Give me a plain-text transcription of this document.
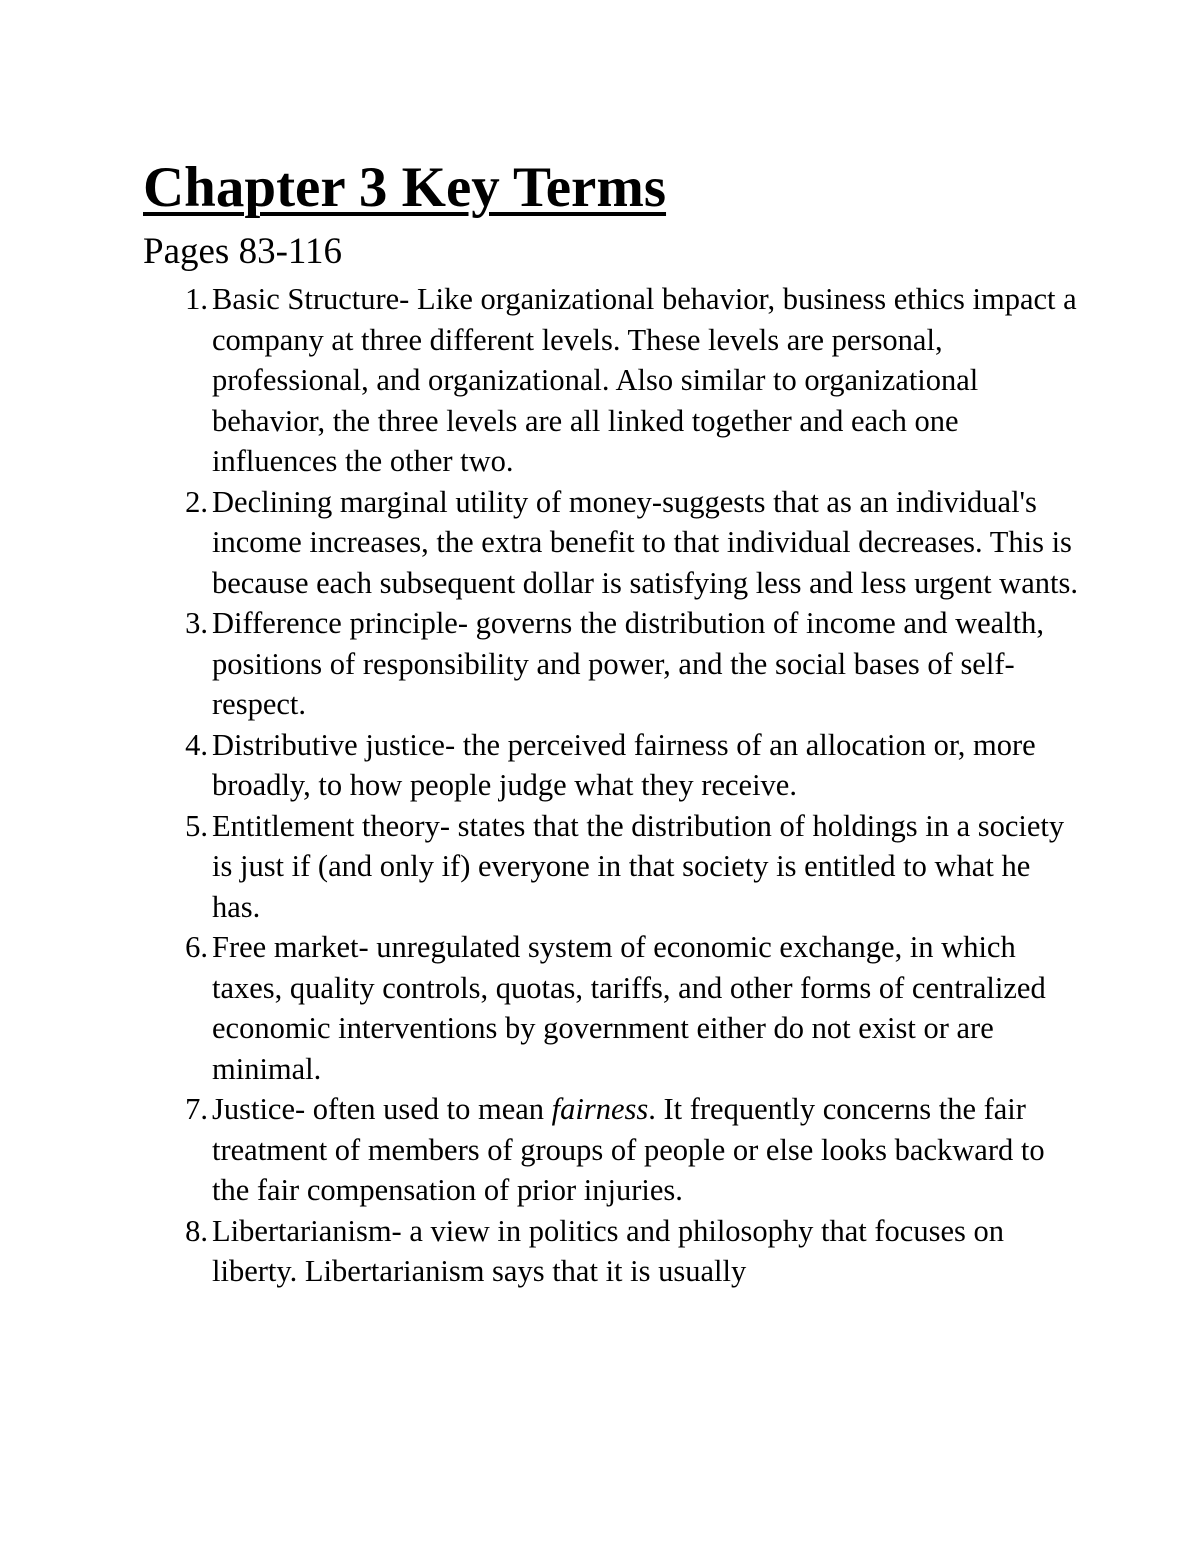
Chapter 3 Key Terms
Pages 83-116
1. Basic Structure- Like organizational behavior, business ethics impact a company at three different levels. These levels are personal, professional, and organizational. Also similar to organizational behavior, the three levels are all linked together and each one influences the other two.
2. Declining marginal utility of money-suggests that as an individual's income increases, the extra benefit to that individual decreases. This is because each subsequent dollar is satisfying less and less urgent wants.
3. Difference principle- governs the distribution of income and wealth, positions of responsibility and power, and the social bases of self-respect.
4. Distributive justice- the perceived fairness of an allocation or, more broadly, to how people judge what they receive.
5. Entitlement theory- states that the distribution of holdings in a society is just if (and only if) everyone in that society is entitled to what he has.
6. Free market- unregulated system of economic exchange, in which taxes, quality controls, quotas, tariffs, and other forms of centralized economic interventions by government either do not exist or are minimal.
7. Justice- often used to mean fairness. It frequently concerns the fair treatment of members of groups of people or else looks backward to the fair compensation of prior injuries.
8. Libertarianism- a view in politics and philosophy that focuses on liberty. Libertarianism says that it is usually
